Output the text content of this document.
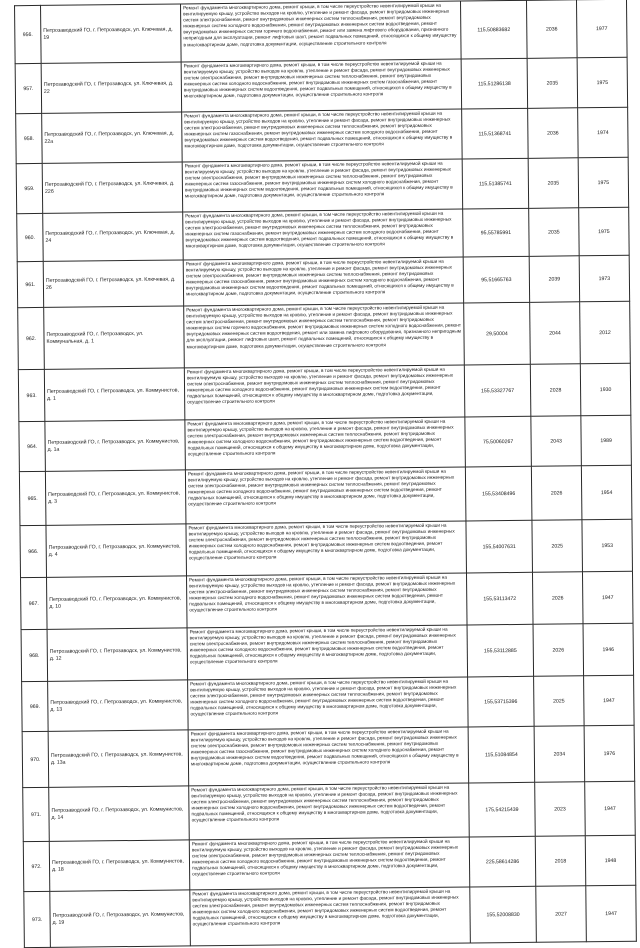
956.	Петрозаводский ГО, г. Петрозаводск, ул. Ключевая, д. 19	Ремонт фундамента многоквартирного дома, ремонт крыши, в том числе переустройство невентилируемой крыши на вентилируемую крышу, устройство выходов на кровлю, утепление и ремонт фасада, ремонт внутридомовых инженерных систем электроснабжения, ремонт внутридомовых инженерных систем теплоснабжения, ремонт внутридомовых инженерных систем холодного водоснабжения, ремонт внутридомовых инженерных систем водоотведения, ремонт внутридомовых инженерных систем горячего водоснабжения, ремонт или замена лифтового оборудования, признанного непригодным для эксплуатации, ремонт лифтовых шахт, ремонт подвальных помещений, относящихся к общему имуществу в многоквартирном доме, подготовка документации, осуществление строительного контроля	115,50883682	2036	1977
957.	Петрозаводский ГО, г. Петрозаводск, ул. Ключевая, д. 22	Ремонт фундамента многоквартирного дома, ремонт крыши, в том числе переустройство невентилируемой крыши на вентилируемую крышу, устройство выходов на кровлю, утепление и ремонт фасада, ремонт внутридомовых инженерных систем электроснабжения, ремонт внутридомовых инженерных систем теплоснабжения, ремонт внутридомовых инженерных систем холодного водоснабжения, ремонт внутридомовых инженерных систем газоснабжения, ремонт внутридомовых инженерных систем водоотведения, ремонт подвальных помещений, относящихся к общему имуществу в многоквартирном доме, подготовка документации, осуществление строительного контроля	115,51286138	2035	1975
958.	Петрозаводский ГО, г. Петрозаводск, ул. Ключевая, д. 22а	Ремонт фундамента многоквартирного дома, ремонт крыши, в том числе переустройство невентилируемой крыши на вентилируемую крышу, устройство выходов на кровлю, утепление и ремонт фасада, ремонт внутридомовых инженерных систем электроснабжения, ремонт внутридомовых инженерных систем теплоснабжения, ремонт внутридомовых инженерных систем газоснабжения, ремонт внутридомовых инженерных систем холодного водоснабжения, ремонт внутридомовых инженерных систем водоотведения, ремонт подвальных помещений, относящихся к общему имуществу в многоквартирном доме, подготовка документации, осуществление строительного контроля	115,51368741	2036	1974
959.	Петрозаводский ГО, г. Петрозаводск, ул. Ключевая, д. 22б	Ремонт фундамента многоквартирного дома, ремонт крыши, в том числе переустройство невентилируемой крыши на вентилируемую крышу, устройство выходов на кровлю, утепление и ремонт фасада, ремонт внутридомовых инженерных систем электроснабжения, ремонт внутридомовых инженерных систем теплоснабжения, ремонт внутридомовых инженерных систем газоснабжения, ремонт внутридомовых инженерных систем холодного водоснабжения, ремонт внутридомовых инженерных систем водоотведения, ремонт подвальных помещений, относящихся к общему имуществу в многоквартирном доме, подготовка документации, осуществление строительного контроля	115,51385741	2035	1975
960.	Петрозаводский ГО, г. Петрозаводск, ул. Ключевая, д. 24	Ремонт фундамента многоквартирного дома, ремонт крыши, в том числе переустройство невентилируемой крыши на вентилируемую крышу, устройство выходов на кровлю, утепление и ремонт фасада, ремонт внутридомовых инженерных систем электроснабжения, ремонт внутридомовых инженерных систем теплоснабжения, ремонт внутридомовых инженерных систем газоснабжения, ремонт внутридомовых инженерных систем холодного водоснабжения, ремонт внутридомовых инженерных систем водоотведения, ремонт подвальных помещений, относящихся к общему имуществу в многоквартирном доме, подготовка документации, осуществление строительного контроля	95,55785991	2035	1975
961.	Петрозаводский ГО, г. Петрозаводск, ул. Ключевая, д. 26	Ремонт фундамента многоквартирного дома, ремонт крыши, в том числе переустройство невентилируемой крыши на вентилируемую крышу, устройство выходов на кровлю, утепление и ремонт фасада, ремонт внутридомовых инженерных систем электроснабжения, ремонт внутридомовых инженерных систем теплоснабжения, ремонт внутридомовых инженерных систем газоснабжения, ремонт внутридомовых инженерных систем холодного водоснабжения, ремонт внутридомовых инженерных систем водоотведения, ремонт подвальных помещений, относящихся к общему имуществу в многоквартирном доме, подготовка документации, осуществление строительного контроля	95,51665763	2039	1973
962.	Петрозаводский ГО, г. Петрозаводск, ул. Коммунальная, д. 1	Ремонт фундамента многоквартирного дома, ремонт крыши, в том числе переустройство невентилируемой крыши на вентилируемую крышу, устройство выходов на кровлю, утепление и ремонт фасада, ремонт внутридомовых инженерных систем электроснабжения, ремонт внутридомовых инженерных систем теплоснабжения, ремонт внутридомовых инженерных систем горячего водоснабжения, ремонт внутридомовых инженерных систем холодного водоснабжения, ремонт внутридомовых инженерных систем водоотведения, ремонт или замена лифтового оборудования, признанного непригодным для эксплуатации, ремонт лифтовых шахт, ремонт подвальных помещений, относящихся к общему имуществу в многоквартирном доме, подготовка документации, осуществление строительного контроля	29,50004	2044	2012
963.	Петрозаводский ГО, г. Петрозаводск, ул. Коммунистов, д. 1	Ремонт фундамента многоквартирного дома, ремонт крыши, в том числе переустройство невентилируемой крыши на вентилируемую крышу, устройство выходов на кровлю, утепление и ремонт фасада, ремонт внутридомовых инженерных систем электроснабжения, ремонт внутридомовых инженерных систем теплоснабжения, ремонт внутридомовых инженерных систем холодного водоснабжения, ремонт внутридомовых инженерных систем водоотведения, ремонт подвальных помещений, относящихся к общему имуществу в многоквартирном доме, подготовка документации, осуществление строительного контроля	155,53327767	2028	1930
964.	Петрозаводский ГО, г. Петрозаводск, ул. Коммунистов, д. 1а	Ремонт фундамента многоквартирного дома, ремонт крыши, в том числе переустройство невентилируемой крыши на вентилируемую крышу, устройство выходов на кровлю, утепление и ремонт фасада, ремонт внутридомовых инженерных систем электроснабжения, ремонт внутридомовых инженерных систем теплоснабжения, ремонт внутридомовых инженерных систем холодного водоснабжения, ремонт внутридомовых инженерных систем водоотведения, ремонт подвальных помещений, относящихся к общему имуществу в многоквартирном доме, подготовка документации, осуществление строительного контроля	75,50060267	2043	1989
965.	Петрозаводский ГО, г. Петрозаводск, ул. Коммунистов, д. 3	Ремонт фундамента многоквартирного дома, ремонт крыши, в том числе переустройство невентилируемой крыши на вентилируемую крышу, устройство выходов на кровлю, утепление и ремонт фасада, ремонт внутридомовых инженерных систем электроснабжения, ремонт внутридомовых инженерных систем теплоснабжения, ремонт внутридомовых инженерных систем холодного водоснабжения, ремонт внутридомовых инженерных систем водоотведения, ремонт подвальных помещений, относящихся к общему имуществу в многоквартирном доме, подготовка документации, осуществление строительного контроля	155,53408496	2026	1954
966.	Петрозаводский ГО, г. Петрозаводск, ул. Коммунистов, д. 4	Ремонт фундамента многоквартирного дома, ремонт крыши, в том числе переустройство невентилируемой крыши на вентилируемую крышу, устройство выходов на кровлю, утепление и ремонт фасада, ремонт внутридомовых инженерных систем электроснабжения, ремонт внутридомовых инженерных систем теплоснабжения, ремонт внутридомовых инженерных систем холодного водоснабжения, ремонт внутридомовых инженерных систем водоотведения, ремонт подвальных помещений, относящихся к общему имуществу в многоквартирном доме, подготовка документации, осуществление строительного контроля	155,54007631	2025	1953
967.	Петрозаводский ГО, г. Петрозаводск, ул. Коммунистов, д. 10	Ремонт фундамента многоквартирного дома, ремонт крыши, в том числе переустройство невентилируемой крыши на вентилируемую крышу, устройство выходов на кровлю, утепление и ремонт фасада, ремонт внутридомовых инженерных систем электроснабжения, ремонт внутридомовых инженерных систем теплоснабжения, ремонт внутридомовых инженерных систем холодного водоснабжения, ремонт внутридомовых инженерных систем водоотведения, ремонт подвальных помещений, относящихся к общему имуществу в многоквартирном доме, подготовка документации, осуществление строительного контроля	155,53113472	2026	1947
968.	Петрозаводский ГО, г. Петрозаводск, ул. Коммунистов, д. 12	Ремонт фундамента многоквартирного дома, ремонт крыши, в том числе переустройство невентилируемой крыши на вентилируемую крышу, устройство выходов на кровлю, утепление и ремонт фасада, ремонт внутридомовых инженерных систем электроснабжения, ремонт внутридомовых инженерных систем теплоснабжения, ремонт внутридомовых инженерных систем холодного водоснабжения, ремонт внутридомовых инженерных систем водоотведения, ремонт подвальных помещений, относящихся к общему имуществу в многоквартирном доме, подготовка документации, осуществление строительного контроля	155,53112885	2026	1946
969.	Петрозаводский ГО, г. Петрозаводск, ул. Коммунистов, д. 13	Ремонт фундамента многоквартирного дома, ремонт крыши, в том числе переустройство невентилируемой крыши на вентилируемую крышу, устройство выходов на кровлю, утепление и ремонт фасада, ремонт внутридомовых инженерных систем электроснабжения, ремонт внутридомовых инженерных систем теплоснабжения, ремонт внутридомовых инженерных систем холодного водоснабжения, ремонт внутридомовых инженерных систем водоотведения, ремонт подвальных помещений, относящихся к общему имуществу в многоквартирном доме, подготовка документации, осуществление строительного контроля	155,53715396	2025	1947
970.	Петрозаводский ГО, г. Петрозаводск, ул. Коммунистов, д. 13а	Ремонт фундамента многоквартирного дома, ремонт крыши, в том числе переустройство невентилируемой крыши на вентилируемую крышу, устройство выходов на кровлю, утепление и ремонт фасада, ремонт внутридомовых инженерных систем электроснабжения, ремонт внутридомовых инженерных систем теплоснабжения, ремонт внутридомовых инженерных систем газоснабжения, ремонт внутридомовых инженерных систем холодного водоснабжения, ремонт внутридомовых инженерных систем водоотведения, ремонт подвальных помещений, относящихся к общему имуществу в многоквартирном доме, подготовка документации, осуществление строительного контроля	115,51084854	2034	1976
971.	Петрозаводский ГО, г. Петрозаводск, ул. Коммунистов, д. 14	Ремонт фундамента многоквартирного дома, ремонт крыши, в том числе переустройство невентилируемой крыши на вентилируемую крышу, устройство выходов на кровлю, утепление и ремонт фасада, ремонт внутридомовых инженерных систем электроснабжения, ремонт внутридомовых инженерных систем теплоснабжения, ремонт внутридомовых инженерных систем холодного водоснабжения, ремонт внутридомовых инженерных систем водоотведения, ремонт подвальных помещений, относящихся к общему имуществу в многоквартирном доме, подготовка документации, осуществление строительного контроля	175,54215439	2023	1947
972.	Петрозаводский ГО, г. Петрозаводск, ул. Коммунистов, д. 18	Ремонт фундамента многоквартирного дома, ремонт крыши, в том числе переустройство невентилируемой крыши на вентилируемую крышу, устройство выходов на кровлю, утепление и ремонт фасада, ремонт внутридомовых инженерных систем электроснабжения, ремонт внутридомовых инженерных систем теплоснабжения, ремонт внутридомовых инженерных систем холодного водоснабжения, ремонт внутридомовых инженерных систем водоотведения, ремонт подвальных помещений, относящихся к общему имуществу в многоквартирном доме, подготовка документации, осуществление строительного контроля	225,58614286	2018	1948
973.	Петрозаводский ГО, г. Петрозаводск, ул. Коммунистов, д. 19	Ремонт фундамента многоквартирного дома, ремонт крыши, в том числе переустройство невентилируемой крыши на вентилируемую крышу, устройство выходов на кровлю, утепление и ремонт фасада, ремонт внутридомовых инженерных систем электроснабжения, ремонт внутридомовых инженерных систем теплоснабжения, ремонт внутридомовых инженерных систем холодного водоснабжения, ремонт внутридомовых инженерных систем водоотведения, ремонт подвальных помещений, относящихся к общему имуществу в многоквартирном доме, подготовка документации, осуществление строительного контроля	155,52008830	2027	1947
